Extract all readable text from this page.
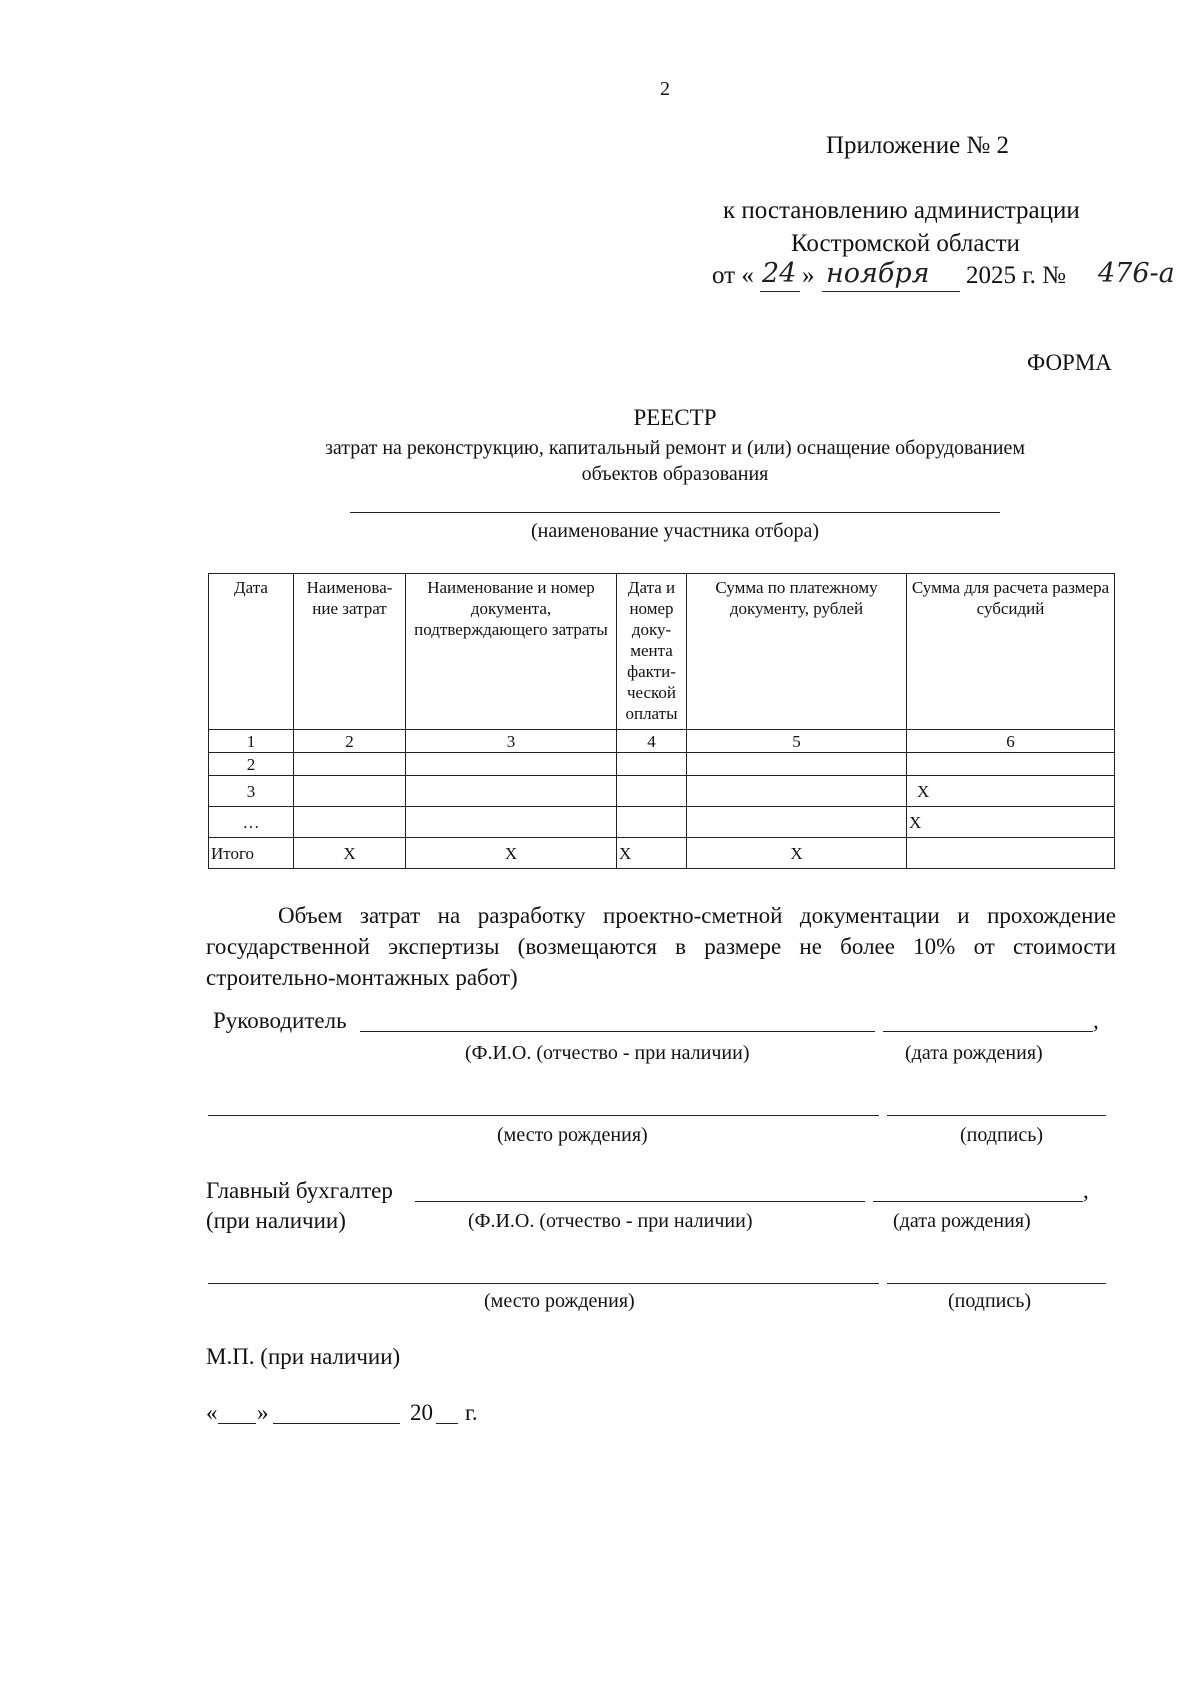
2
Приложение № 2
к постановлению администрации
Костромской области
от « 24 » ноября 2025 г. № 476-а
ФОРМА
РЕЕСТР
затрат на реконструкцию, капитальный ремонт и (или) оснащение оборудованием
объектов образования
(наименование участника отбора)
Дата	Наименова-ние затрат	Наименование и номер документа, подтверждающего затраты	Дата и номер доку-мента факти-ческой оплаты	Сумма по платежному документу, рублей	Сумма для расчета размера субсидий
1	2	3	4	5	6
2					
3					X
…					X
Итого	X	X	X	X	
Объем затрат на разработку проектно-сметной документации и прохождение государственной экспертизы (возмещаются в размере не более 10% от стоимости строительно-монтажных работ)
Руководитель	,
(Ф.И.О. (отчество - при наличии)	(дата рождения)
(место рождения)	(подпись)
Главный бухгалтер	,
(при наличии)	(Ф.И.О. (отчество - при наличии)	(дата рождения)
(место рождения)	(подпись)
М.П. (при наличии)
« »	20 г.
